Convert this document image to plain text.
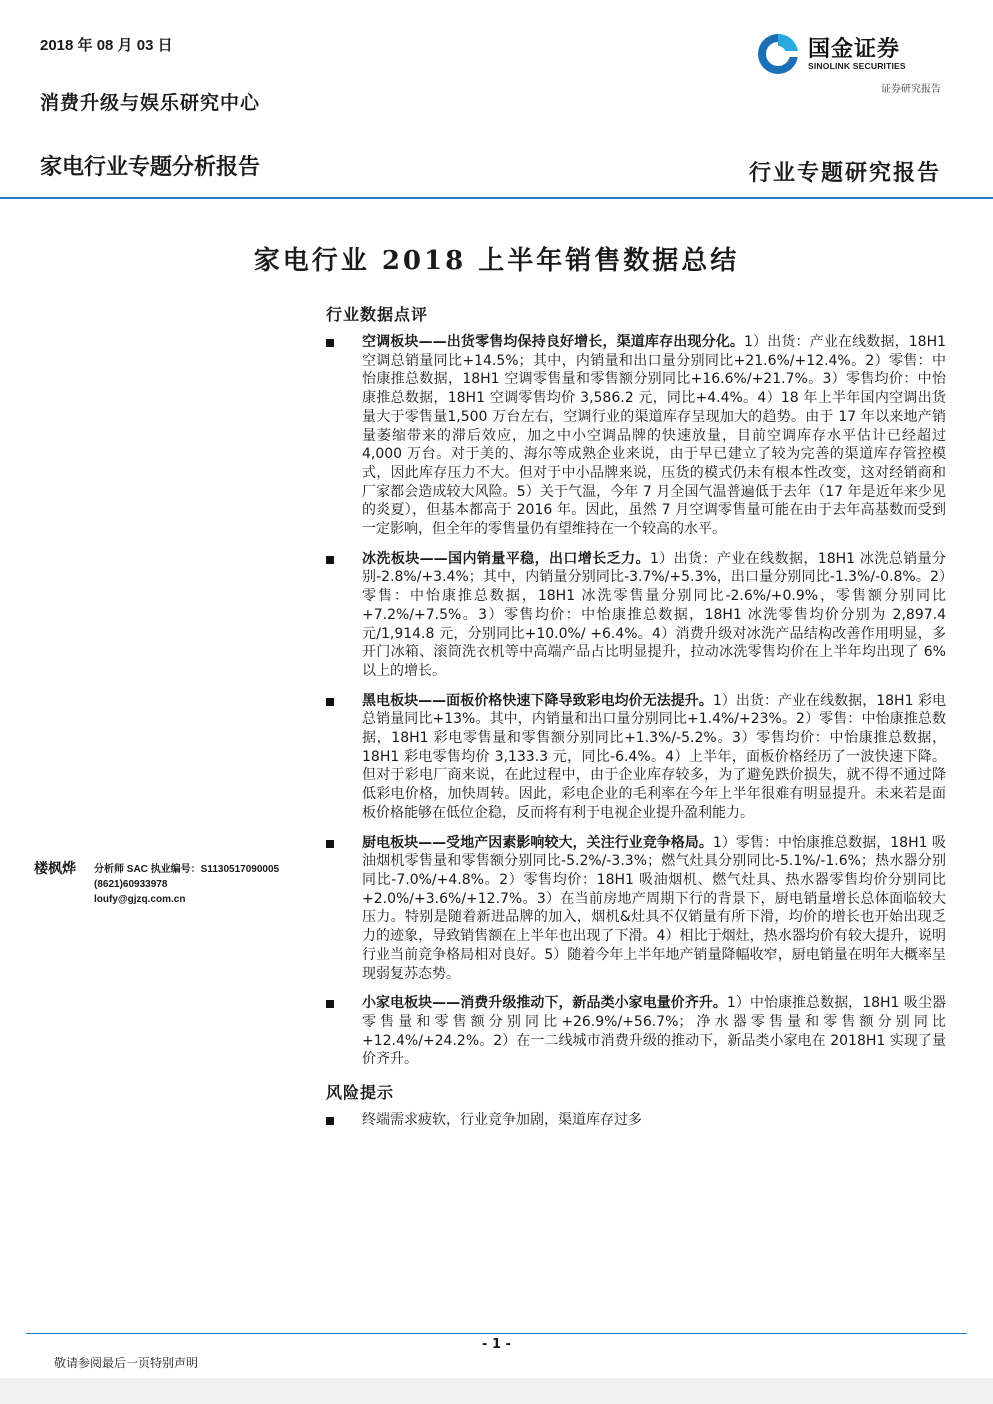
2018 年 08 月 03 日
消费升级与娱乐研究中心
家电行业专题分析报告	行业专题研究报告
国金证券
SINOLINK SECURITIES
证券研究报告
家电行业 2018 上半年销售数据总结
行业数据点评
空调板块——出货零售均保持良好增长，渠道库存出现分化。1）出货：产业在线数据，18H1 空调总销量同比+14.5%；其中，内销量和出口量分别同比+21.6%/+12.4%。2）零售：中怡康推总数据，18H1 空调零售量和零售额分别同比+16.6%/+21.7%。3）零售均价：中怡康推总数据，18H1 空调零售均价 3,586.2 元，同比+4.4%。4）18 年上半年国内空调出货量大于零售量1,500 万台左右，空调行业的渠道库存呈现加大的趋势。由于 17 年以来地产销量萎缩带来的滞后效应，加之中小空调品牌的快速放量，目前空调库存水平估计已经超过 4,000 万台。对于美的、海尔等成熟企业来说，由于早已建立了较为完善的渠道库存管控模式，因此库存压力不大。但对于中小品牌来说，压货的模式仍未有根本性改变，这对经销商和厂家都会造成较大风险。5）关于气温，今年 7 月全国气温普遍低于去年（17 年是近年来少见的炎夏），但基本都高于 2016 年。因此，虽然 7 月空调零售量可能在由于去年高基数而受到一定影响，但全年的零售量仍有望维持在一个较高的水平。
冰洗板块——国内销量平稳，出口增长乏力。1）出货：产业在线数据，18H1 冰洗总销量分别-2.8%/+3.4%；其中，内销量分别同比-3.7%/+5.3%，出口量分别同比-1.3%/-0.8%。2）零售：中怡康推总数据，18H1 冰洗零售量分别同比-2.6%/+0.9%，零售额分别同比+7.2%/+7.5%。3）零售均价：中怡康推总数据，18H1 冰洗零售均价分别为 2,897.4 元/1,914.8 元，分别同比+10.0%/ +6.4%。4）消费升级对冰洗产品结构改善作用明显，多开门冰箱、滚筒洗衣机等中高端产品占比明显提升，拉动冰洗零售均价在上半年均出现了 6%以上的增长。
黑电板块——面板价格快速下降导致彩电均价无法提升。1）出货：产业在线数据，18H1 彩电总销量同比+13%。其中，内销量和出口量分别同比+1.4%/+23%。2）零售：中怡康推总数据，18H1 彩电零售量和零售额分别同比+1.3%/-5.2%。3）零售均价：中怡康推总数据，18H1 彩电零售均价 3,133.3 元，同比-6.4%。4）上半年，面板价格经历了一波快速下降。但对于彩电厂商来说，在此过程中，由于企业库存较多，为了避免跌价损失，就不得不通过降低彩电价格，加快周转。因此，彩电企业的毛利率在今年上半年很难有明显提升。未来若是面板价格能够在低位企稳，反而将有利于电视企业提升盈利能力。
厨电板块——受地产因素影响较大，关注行业竞争格局。1）零售：中怡康推总数据，18H1 吸油烟机零售量和零售额分别同比-5.2%/-3.3%；燃气灶具分别同比-5.1%/-1.6%；热水器分别同比-7.0%/+4.8%。2）零售均价：18H1 吸油烟机、燃气灶具、热水器零售均价分别同比+2.0%/+3.6%/+12.7%。3）在当前房地产周期下行的背景下，厨电销量增长总体面临较大压力。特别是随着新进品牌的加入，烟机&灶具不仅销量有所下滑，均价的增长也开始出现乏力的迹象，导致销售额在上半年也出现了下滑。4）相比于烟灶，热水器均价有较大提升，说明行业当前竞争格局相对良好。5）随着今年上半年地产销量降幅收窄，厨电销量在明年大概率呈现弱复苏态势。
小家电板块——消费升级推动下，新品类小家电量价齐升。1）中怡康推总数据，18H1 吸尘器零售量和零售额分别同比+26.9%/+56.7%；净水器零售量和零售额分别同比+12.4%/+24.2%。2）在一二线城市消费升级的推动下，新品类小家电在 2018H1 实现了量价齐升。
风险提示
终端需求疲软，行业竞争加剧，渠道库存过多
楼枫烨 分析师 SAC 执业编号：S1130517090005
(8621)60933978
loufy@gjzq.com.cn
- 1 -
敬请参阅最后一页特别声明
